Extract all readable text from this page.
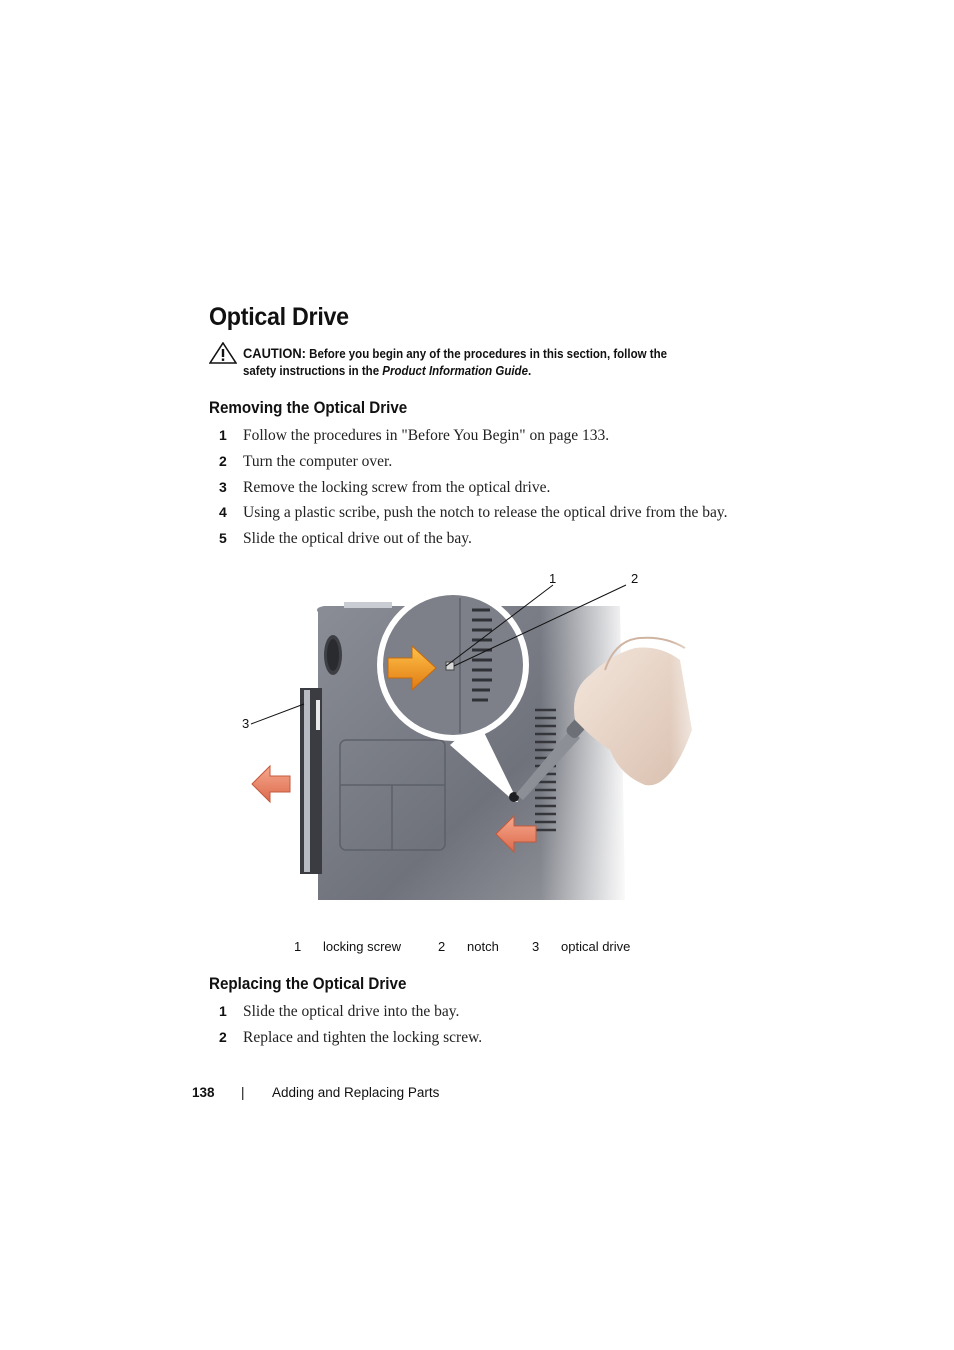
Optical Drive
CAUTION: Before you begin any of the procedures in this section, follow the safety instructions in the Product Information Guide.
Removing the Optical Drive
1 Follow the procedures in "Before You Begin" on page 133.
2 Turn the computer over.
3 Remove the locking screw from the optical drive.
4 Using a plastic scribe, push the notch to release the optical drive from the bay.
5 Slide the optical drive out of the bay.
1	2
3
1 locking screw	2 notch	3 optical drive
Replacing the Optical Drive
1 Slide the optical drive into the bay.
2 Replace and tighten the locking screw.
138 | Adding and Replacing Parts
